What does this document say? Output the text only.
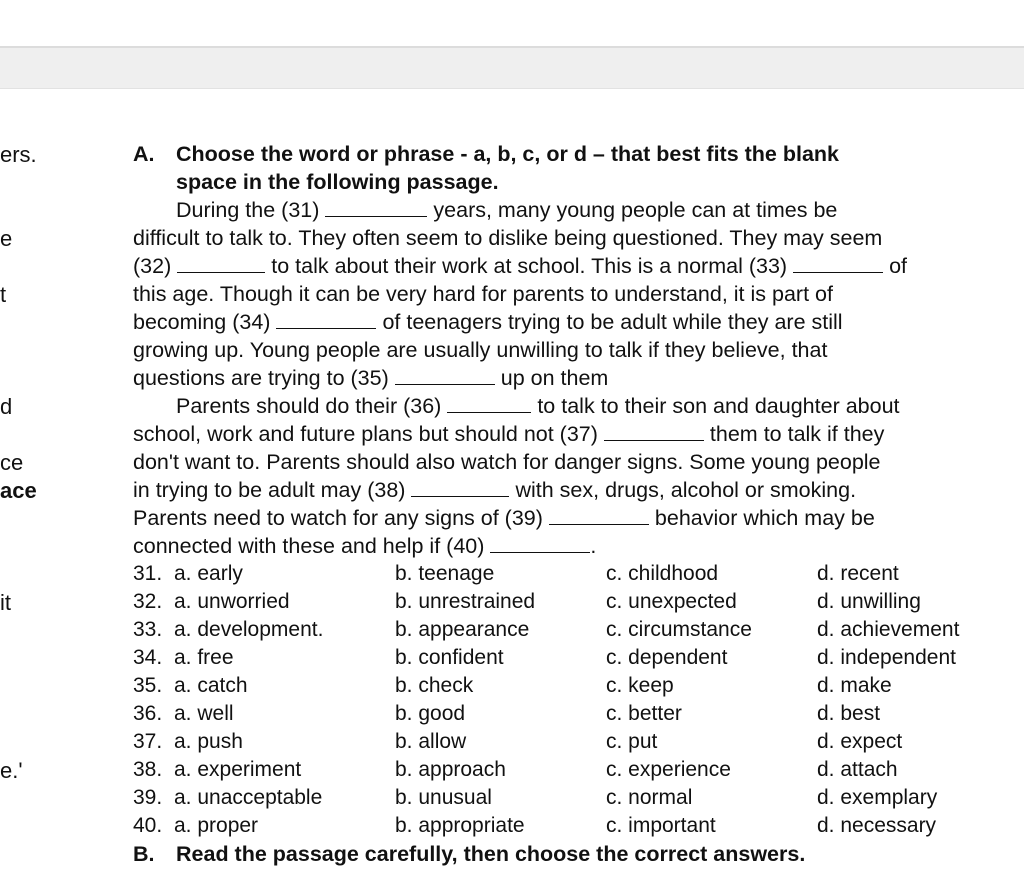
ers.
e
t
d
ce
ace
it
e.'
A. Choose the word or phrase - a, b, c, or d – that best fits the blank
space in the following passage.
During the (31)	years, many young people can at times be
difficult to talk to. They often seem to dislike being questioned. They may seem
(32)	to talk about their work at school. This is a normal (33)	of
this age. Though it can be very hard for parents to understand, it is part of
becoming (34)	of teenagers trying to be adult while they are still
growing up. Young people are usually unwilling to talk if they believe, that
questions are trying to (35)	up on them
Parents should do their (36)	to talk to their son and daughter about
school, work and future plans but should not (37)	them to talk if they
don't want to. Parents should also watch for danger signs. Some young people
in trying to be adult may (38)	with sex, drugs, alcohol or smoking.
Parents need to watch for any signs of (39)	behavior which may be
connected with these and help if (40)	.
31. a. early	b. teenage	c. childhood	d. recent
32. a. unworried	b. unrestrained	c. unexpected	d. unwilling
33. a. development.	b. appearance	c. circumstance	d. achievement
34. a. free	b. confident	c. dependent	d. independent
35. a. catch	b. check	c. keep	d. make
36. a. well	b. good	c. better	d. best
37. a. push	b. allow	c. put	d. expect
38. a. experiment	b. approach	c. experience	d. attach
39. a. unacceptable	b. unusual	c. normal	d. exemplary
40. a. proper	b. appropriate	c. important	d. necessary
B. Read the passage carefully, then choose the correct answers.
